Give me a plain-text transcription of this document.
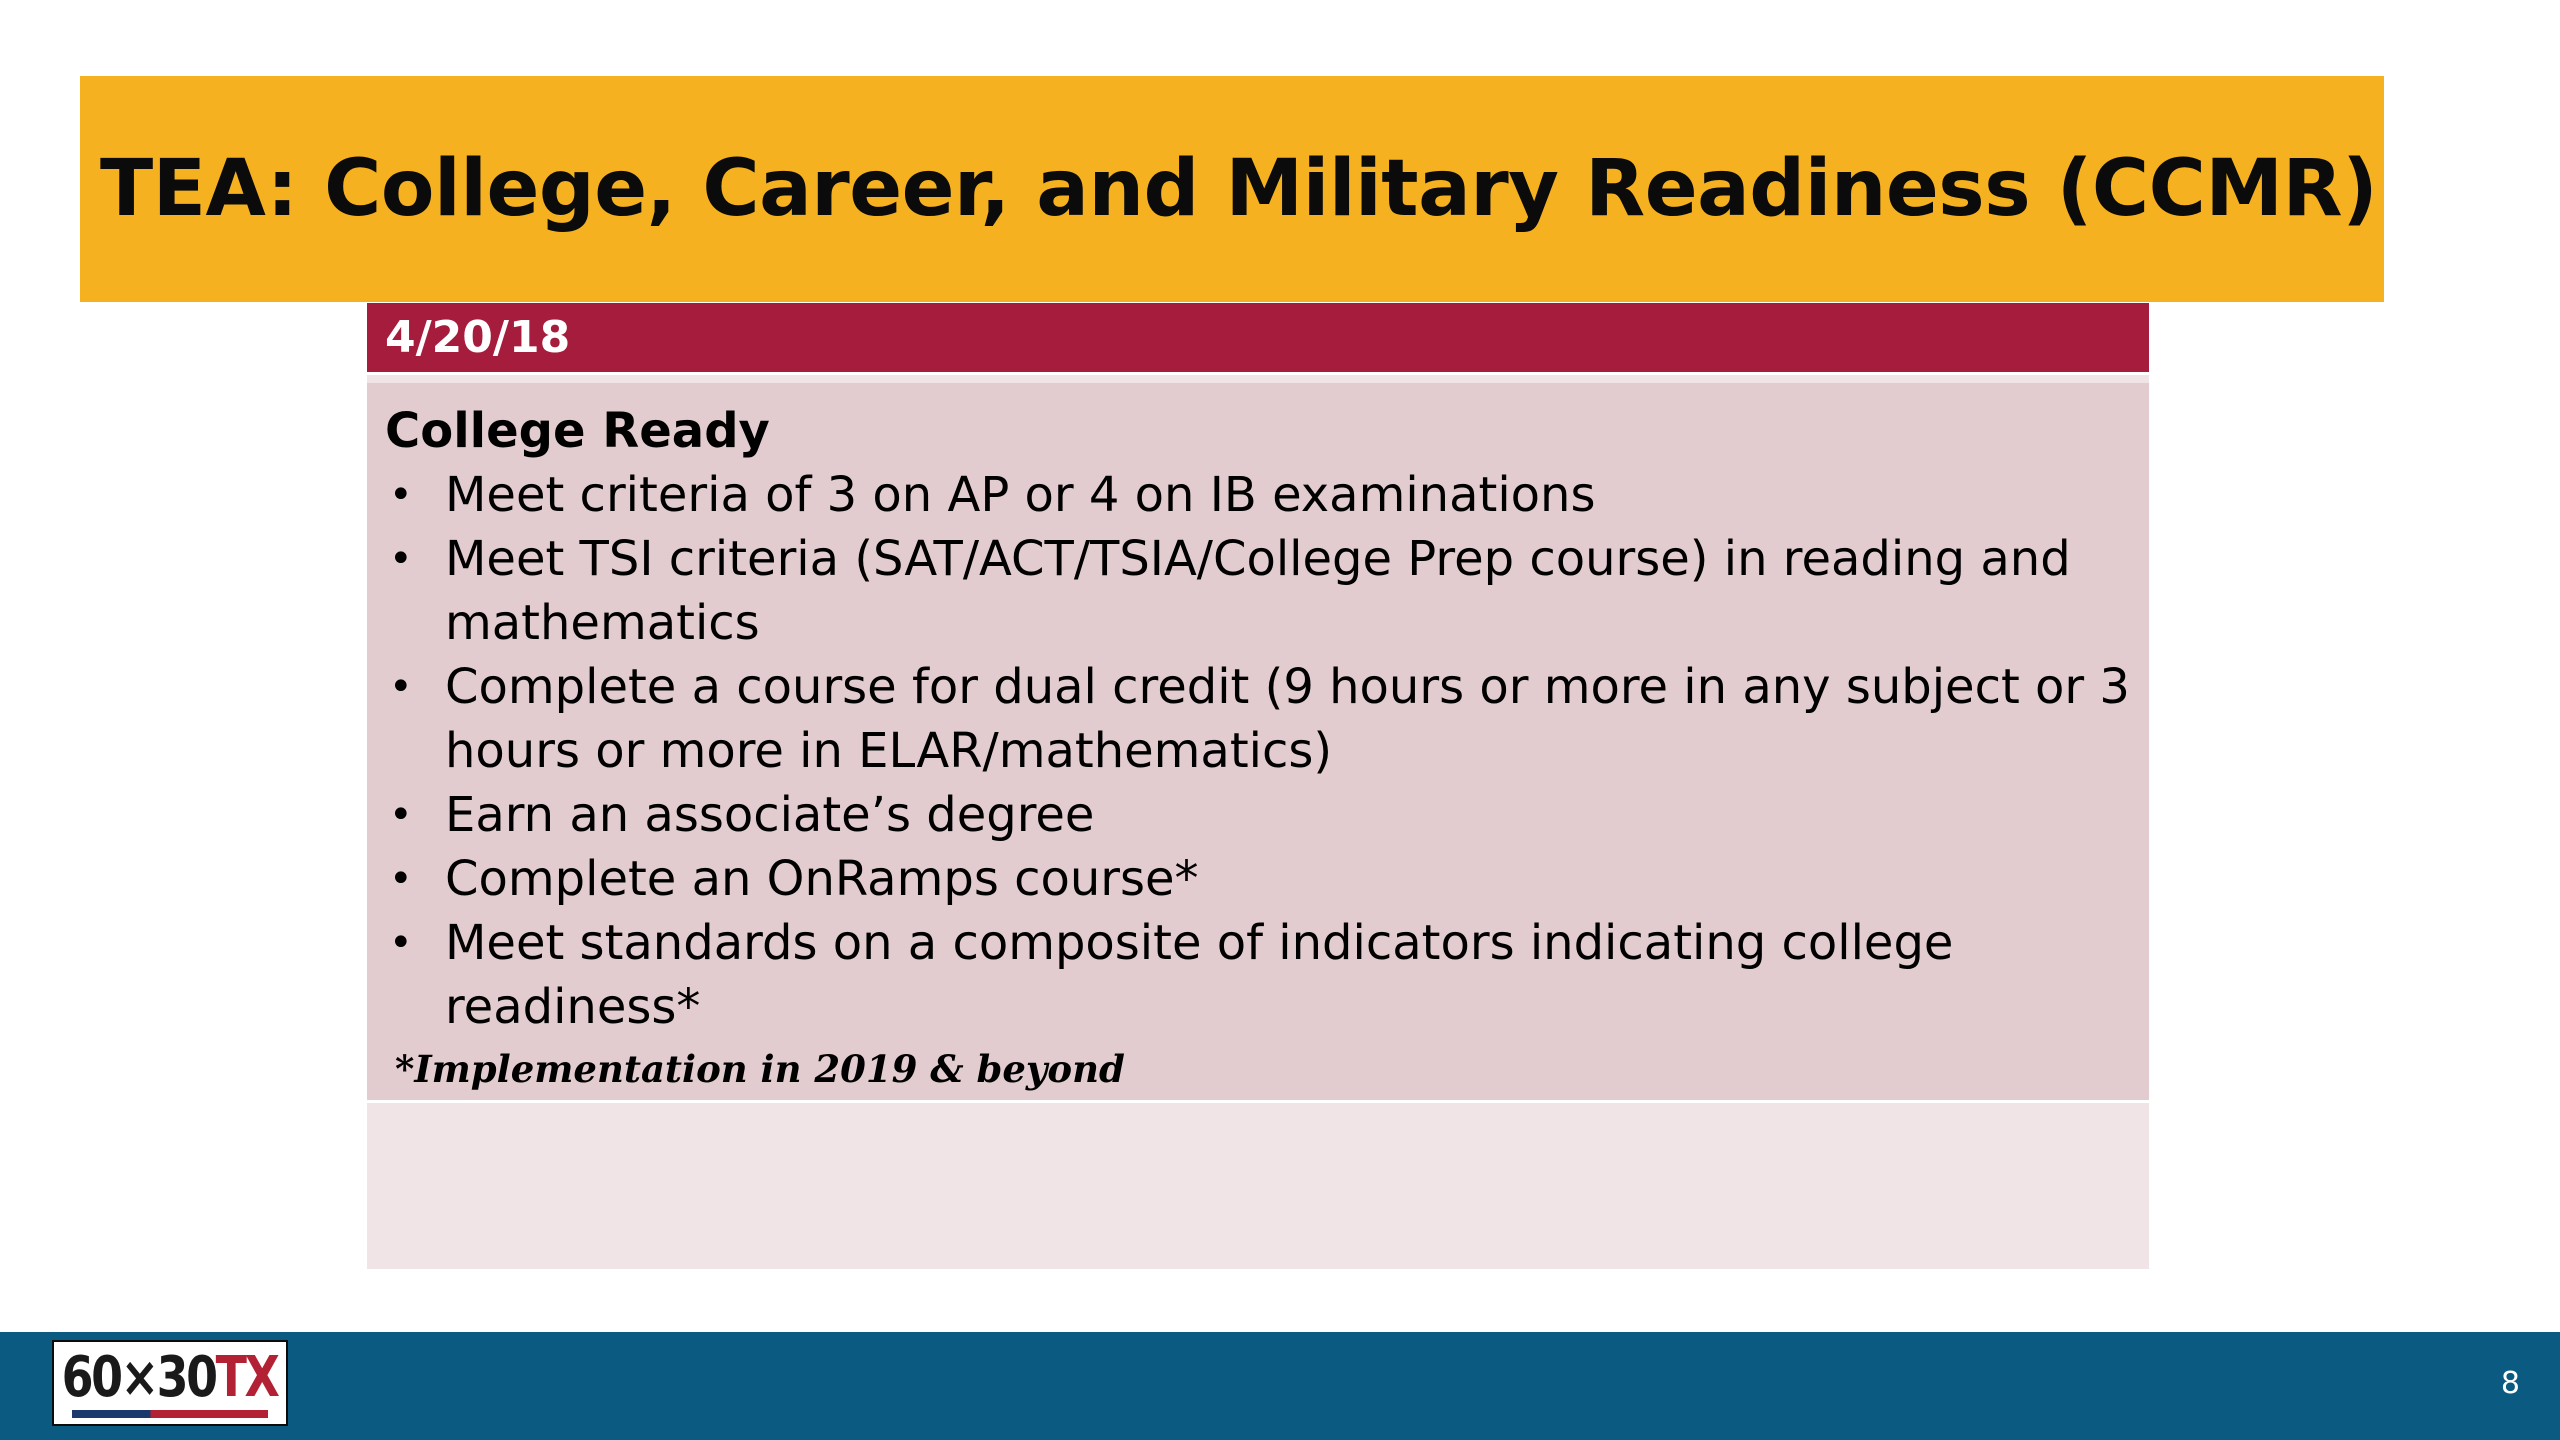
TEA: College, Career, and Military Readiness (CCMR)
4/20/18
College Ready
• Meet criteria of 3 on AP or 4 on IB examinations
• Meet TSI criteria (SAT/ACT/TSIA/College Prep course) in reading and mathematics
• Complete a course for dual credit (9 hours or more in any subject or 3 hours or more in ELAR/mathematics)
• Earn an associate’s degree
• Complete an OnRamps course*
• Meet standards on a composite of indicators indicating college readiness*
*Implementation in 2019 & beyond
60×30TX	8
